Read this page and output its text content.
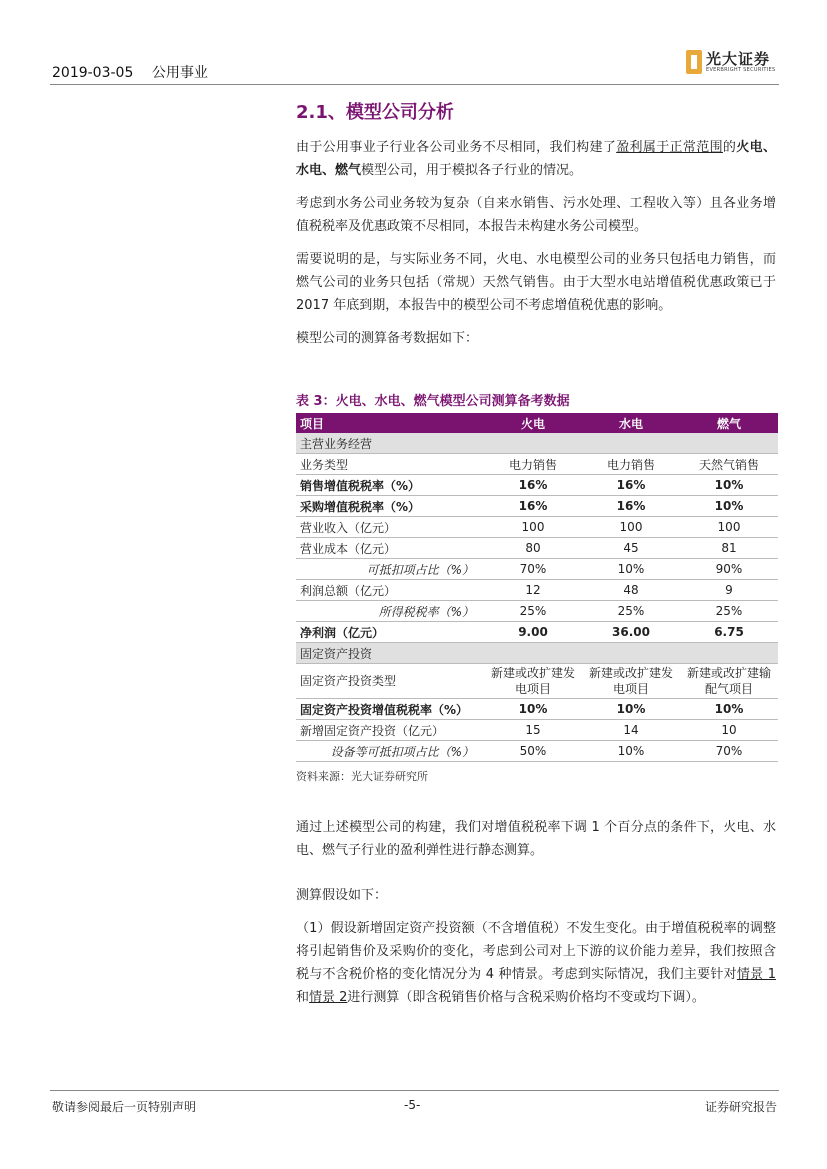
2019-03-05 公用事业
光大证券
EVERBRIGHT SECURITIES
2.1、模型公司分析

由于公用事业子行业各公司业务不尽相同，我们构建了盈利属于正常范围的火电、水电、燃气模型公司，用于模拟各子行业的情况。

考虑到水务公司业务较为复杂（自来水销售、污水处理、工程收入等）且各业务增值税税率及优惠政策不尽相同，本报告未构建水务公司模型。

需要说明的是，与实际业务不同，火电、水电模型公司的业务只包括电力销售，而燃气公司的业务只包括（常规）天然气销售。由于大型水电站增值税优惠政策已于 2017 年底到期，本报告中的模型公司不考虑增值税优惠的影响。

模型公司的测算备考数据如下：

表 3：火电、水电、燃气模型公司测算备考数据
项目	火电	水电	燃气
主营业务经营			
业务类型	电力销售	电力销售	天然气销售
销售增值税税率（%）	16%	16%	10%
采购增值税税率（%）	16%	16%	10%
营业收入（亿元）	100	100	100
营业成本（亿元）	80	45	81
可抵扣项占比（%）	70%	10%	90%
利润总额（亿元）	12	48	9
所得税税率（%）	25%	25%	25%
净利润（亿元）	9.00	36.00	6.75
固定资产投资			
固定资产投资类型	新建或改扩建发电项目	新建或改扩建发电项目	新建或改扩建输配气项目
固定资产投资增值税税率（%）	10%	10%	10%
新增固定资产投资（亿元）	15	14	10
设备等可抵扣项占比（%）	50%	10%	70%
资料来源：光大证券研究所

通过上述模型公司的构建，我们对增值税税率下调 1 个百分点的条件下，火电、水电、燃气子行业的盈利弹性进行静态测算。

测算假设如下：

（1）假设新增固定资产投资额（不含增值税）不发生变化。由于增值税税率的调整将引起销售价及采购价的变化，考虑到公司对上下游的议价能力差异，我们按照含税与不含税价格的变化情况分为 4 种情景。考虑到实际情况，我们主要针对情景 1和情景 2进行测算（即含税销售价格与含税采购价格均不变或均下调）。

敬请参阅最后一页特别声明	-5-	证券研究报告
